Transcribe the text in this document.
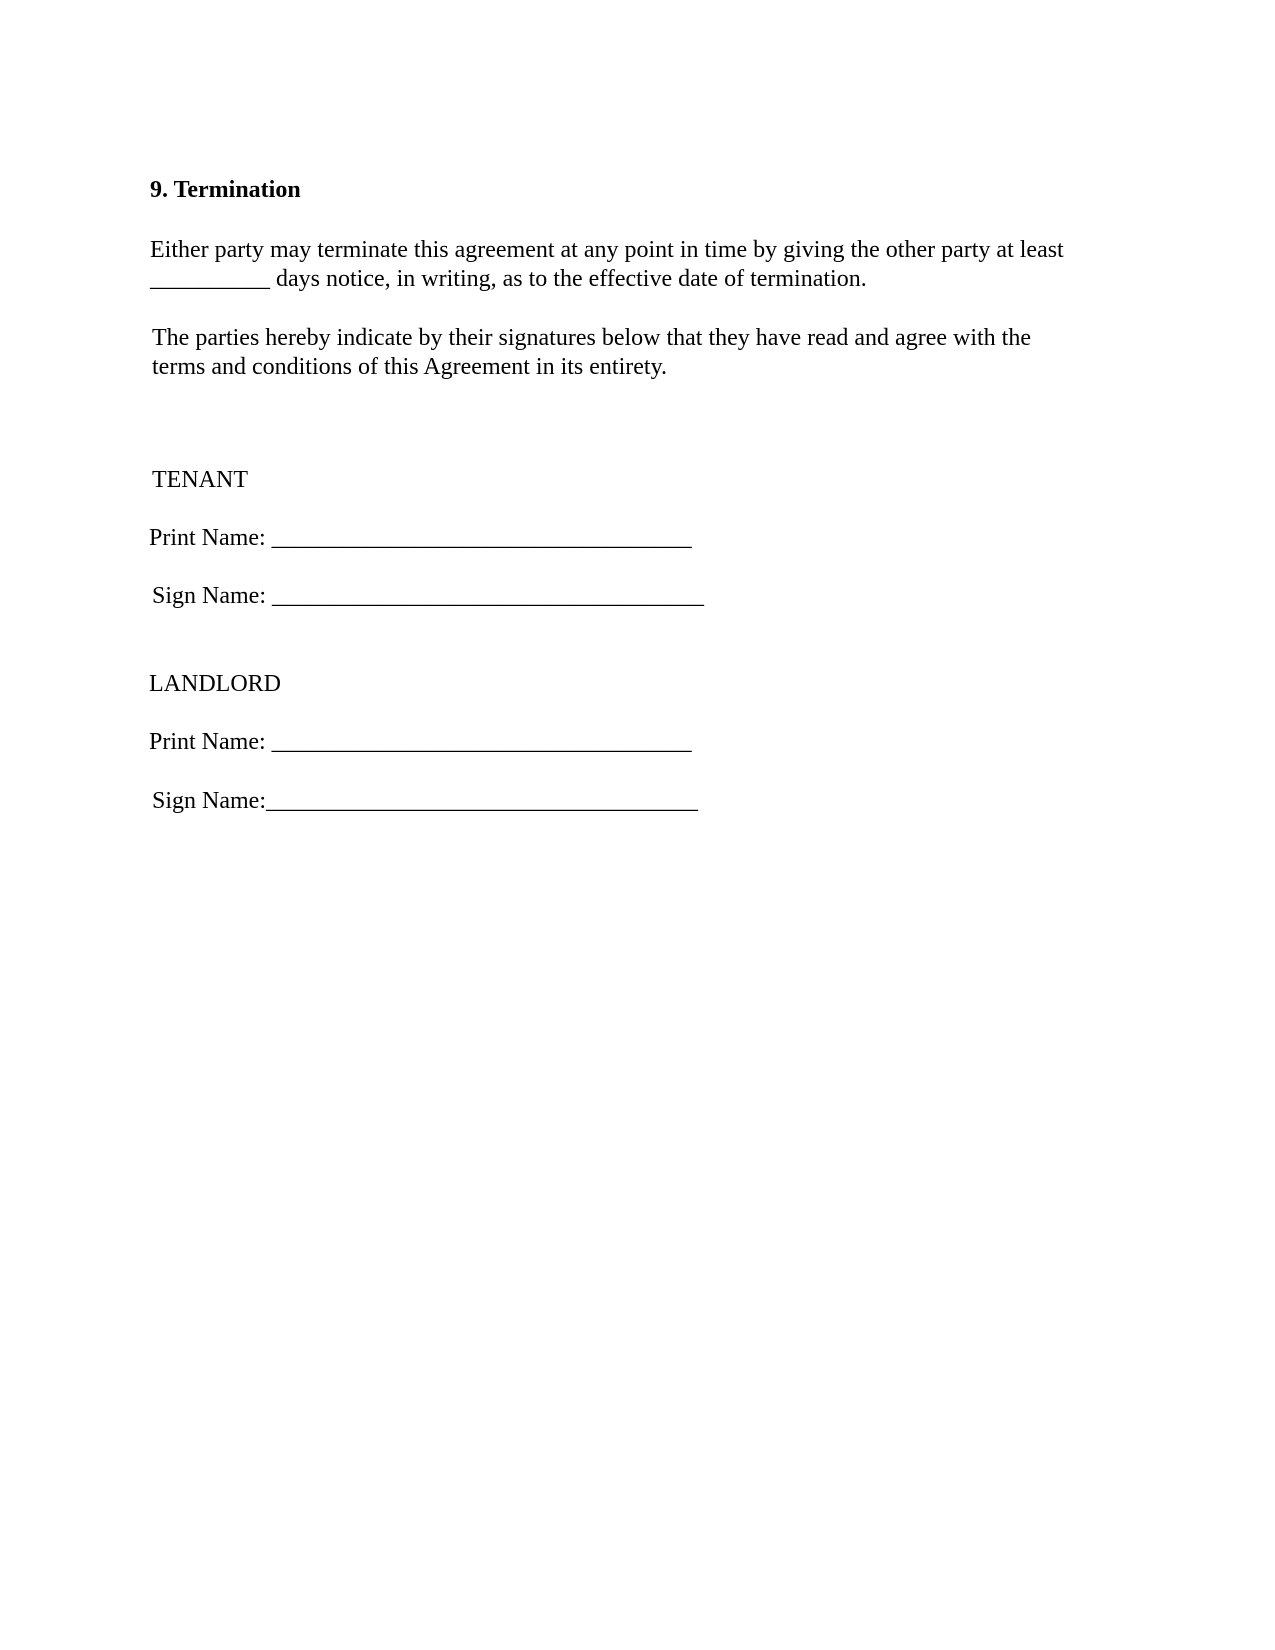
9. Termination
Either party may terminate this agreement at any point in time by giving the other party at least
__________ days notice, in writing, as to the effective date of termination.
The parties hereby indicate by their signatures below that they have read and agree with the
terms and conditions of this Agreement in its entirety.
TENANT
Print Name: ___________________________________
Sign Name: ____________________________________
LANDLORD
Print Name: ___________________________________
Sign Name:____________________________________
